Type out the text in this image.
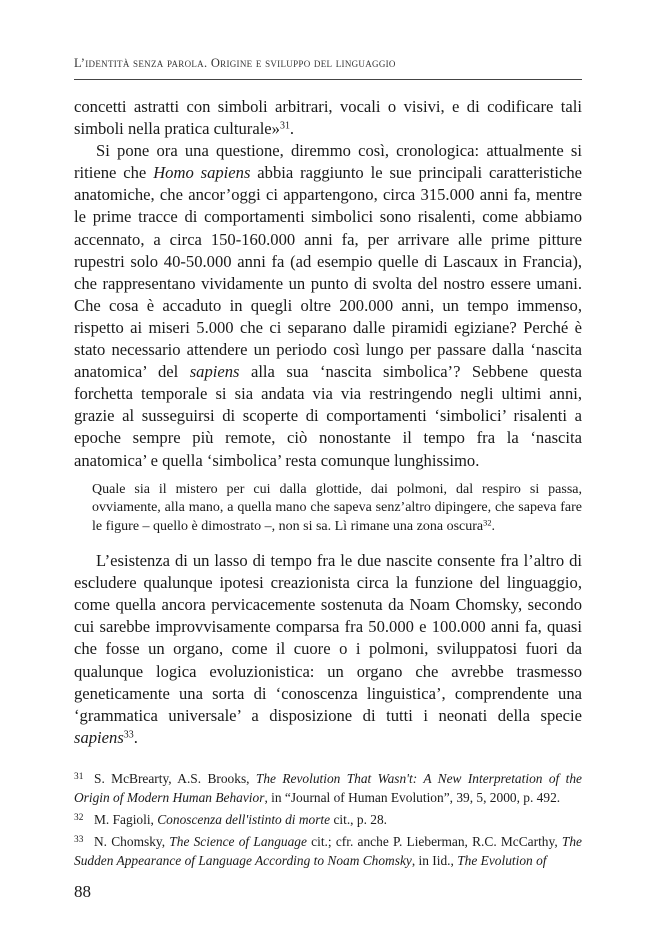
L’identità senza parola. Origine e sviluppo del linguaggio

concetti astratti con simboli arbitrari, vocali o visivi, e di codificare tali simboli nella pratica culturale»$^{31}$.

Si pone ora una questione, diremmo così, cronologica: attualmente si ritiene che Homo sapiens abbia raggiunto le sue principali caratteristiche anatomiche, che ancor’oggi ci appartengono, circa 315.000 anni fa, mentre le prime tracce di comportamenti simbolici sono risalenti, come abbiamo accennato, a circa 150-160.000 anni fa, per arrivare alle prime pitture rupestri solo 40-50.000 anni fa (ad esempio quelle di Lascaux in Francia), che rappresentano vividamente un punto di svolta del nostro essere umani. Che cosa è accaduto in quegli oltre 200.000 anni, un tempo immenso, rispetto ai miseri 5.000 che ci separano dalle piramidi egiziane? Perché è stato necessario attendere un periodo così lungo per passare dalla ‘nascita anatomica’ del sapiens alla sua ‘nascita simbolica’? Sebbene questa forchetta temporale si sia andata via via restringendo negli ultimi anni, grazie al susseguirsi di scoperte di comportamenti ‘simbolici’ risalenti a epoche sempre più remote, ciò nonostante il tempo fra la ‘nascita anatomica’ e quella ‘simbolica’ resta comunque lunghissimo.

Quale sia il mistero per cui dalla glottide, dai polmoni, dal respiro si passa, ovviamente, alla mano, a quella mano che sapeva senz’altro dipingere, che sapeva fare le figure – quello è dimostrato –, non si sa. Lì rimane una zona oscura$^{32}$.

L’esistenza di un lasso di tempo fra le due nascite consente fra l’altro di escludere qualunque ipotesi creazionista circa la funzione del linguaggio, come quella ancora pervicacemente sostenuta da Noam Chomsky, secondo cui sarebbe improvvisamente comparsa fra 50.000 e 100.000 anni fa, quasi che fosse un organo, come il cuore o i polmoni, sviluppatosi fuori da qualunque logica evoluzionistica: un organo che avrebbe trasmesso geneticamente una sorta di ‘conoscenza linguistica’, comprendente una ‘grammatica universale’ a disposizione di tutti i neonati della specie sapiens$^{33}$.

31 S. McBrearty, A.S. Brooks, The Revolution That Wasn't: A New Interpretation of the Origin of Modern Human Behavior, in “Journal of Human Evolution”, 39, 5, 2000, p. 492.

32 M. Fagioli, Conoscenza dell'istinto di morte cit., p. 28.

33 N. Chomsky, The Science of Language cit.; cfr. anche P. Lieberman, R.C. McCarthy, The Sudden Appearance of Language According to Noam Chomsky, in Iid., The Evolution of

88
